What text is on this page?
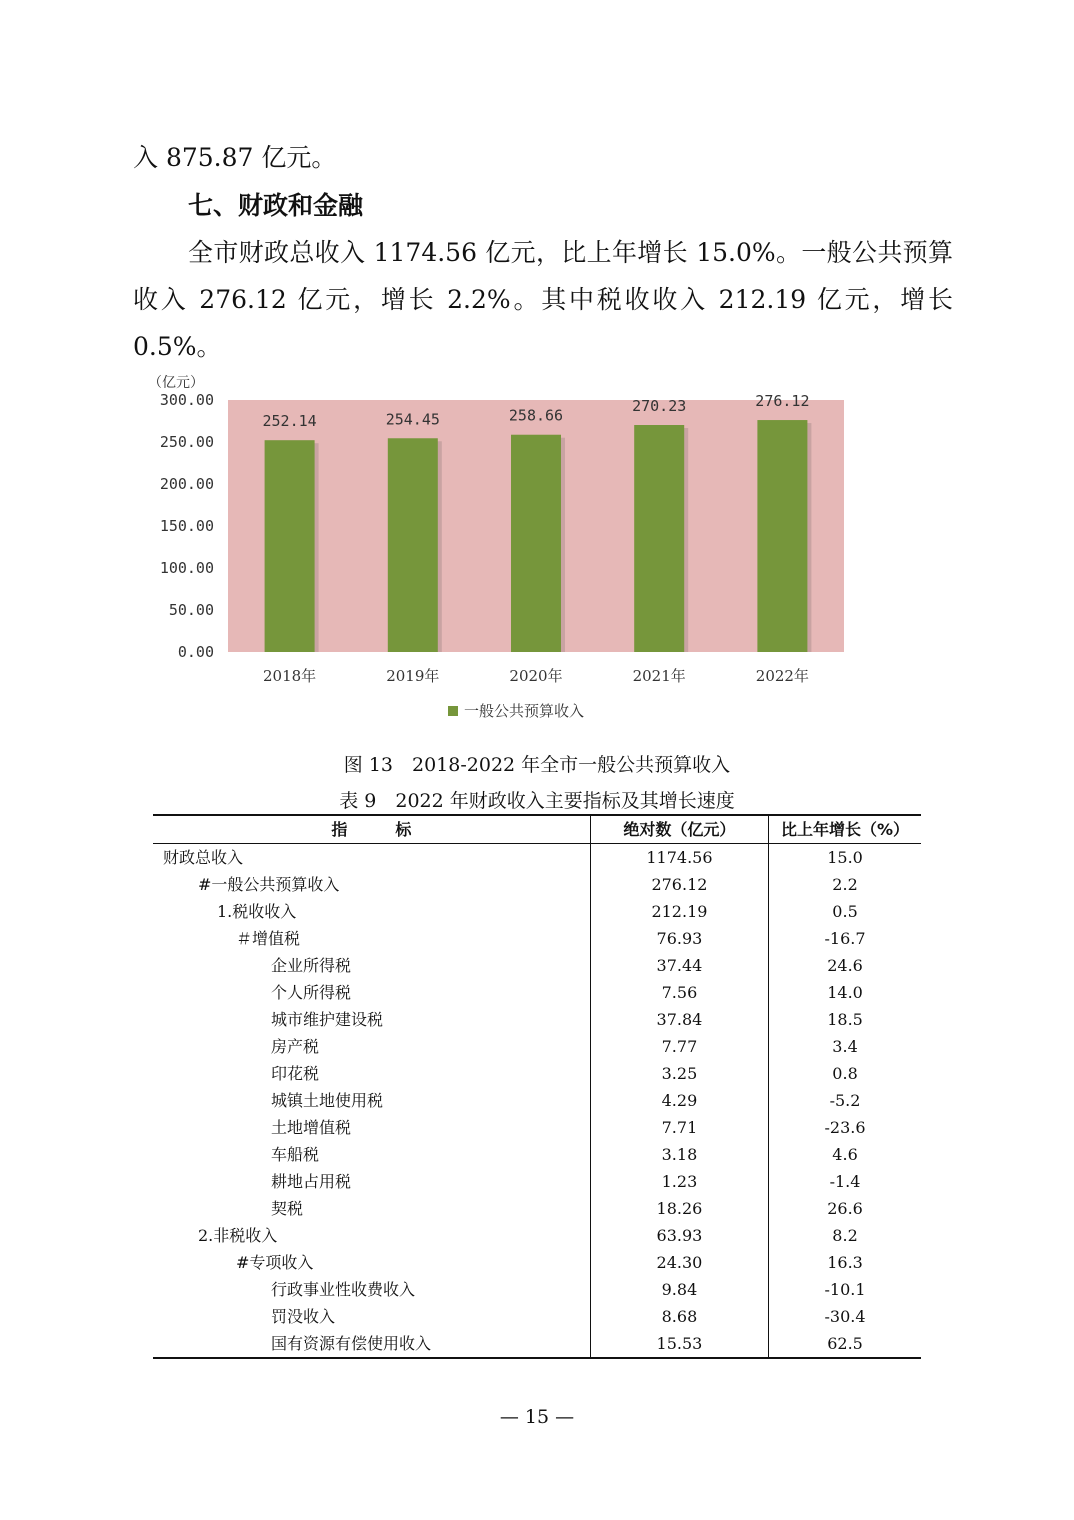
入 875.87 亿元。

七、财政和金融

全市财政总收入 1174.56 亿元，比上年增长 15.0%。一般公共预算收入 276.12 亿元，增长 2.2%。其中税收收入 212.19 亿元，增长 0.5%。

（亿元）
0.00
50.00
100.00
150.00
200.00
250.00
300.00
252.14
2018年
254.45
2019年
258.66
2020年
270.23
2021年
276.12
2022年
一般公共预算收入

图 13　2018-2022 年全市一般公共预算收入

表 9　2022 年财政收入主要指标及其增长速度

指　　　标	绝对数（亿元）	比上年增长（%）
财政总收入	1174.56	15.0
#一般公共预算收入	276.12	2.2
1.税收收入	212.19	0.5
＃增值税	76.93	-16.7
企业所得税	37.44	24.6
个人所得税	7.56	14.0
城市维护建设税	37.84	18.5
房产税	7.77	3.4
印花税	3.25	0.8
城镇土地使用税	4.29	-5.2
土地增值税	7.71	-23.6
车船税	3.18	4.6
耕地占用税	1.23	-1.4
契税	18.26	26.6
2.非税收入	63.93	8.2
#专项收入	24.30	16.3
行政事业性收费收入	9.84	-10.1
罚没收入	8.68	-30.4
国有资源有偿使用收入	15.53	62.5

— 15 —
